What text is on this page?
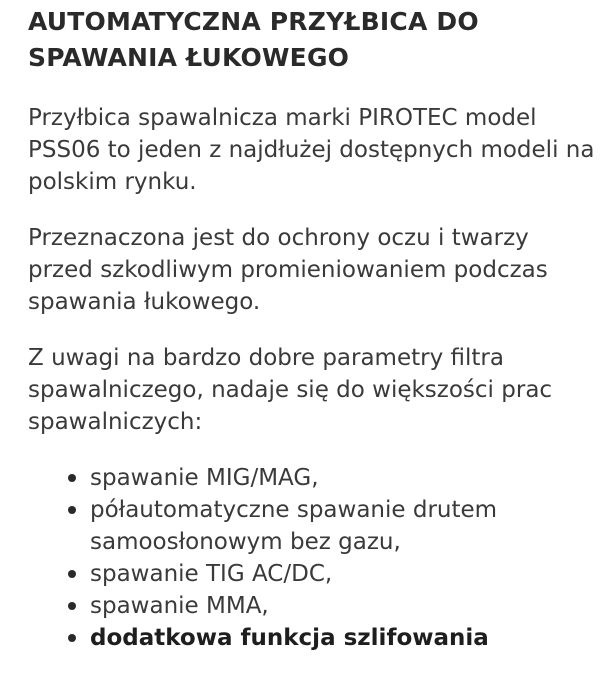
AUTOMATYCZNA PRZYŁBICA DO
SPAWANIA ŁUKOWEGO

Przyłbica spawalnicza marki PIROTEC model PSS06 to jeden z najdłużej dostępnych modeli na polskim rynku.

Przeznaczona jest do ochrony oczu i twarzy przed szkodliwym promieniowaniem podczas spawania łukowego.

Z uwagi na bardzo dobre parametry filtra spawalniczego, nadaje się do większości prac spawalniczych:

spawanie MIG/MAG,
półautomatyczne spawanie drutem samoosłonowym bez gazu,
spawanie TIG AC/DC,
spawanie MMA,
dodatkowa funkcja szlifowania
